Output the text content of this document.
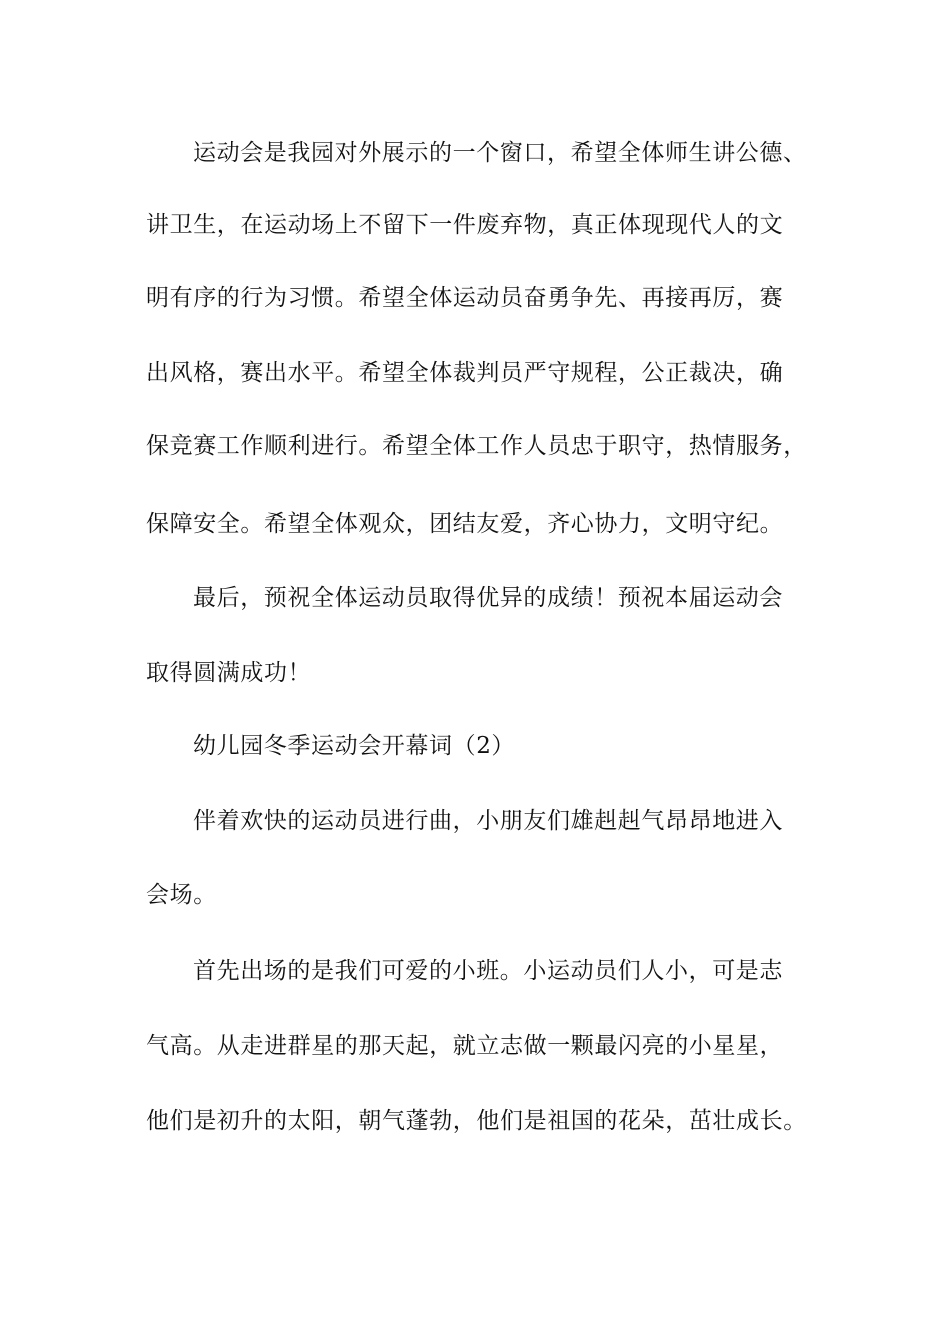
运动会是我园对外展示的一个窗口，希望全体师生讲公德、
讲卫生，在运动场上不留下一件废弃物，真正体现现代人的文
明有序的行为习惯。希望全体运动员奋勇争先、再接再厉，赛
出风格，赛出水平。希望全体裁判员严守规程，公正裁决，确
保竞赛工作顺利进行。希望全体工作人员忠于职守，热情服务，
保障安全。希望全体观众，团结友爱，齐心协力，文明守纪。
最后，预祝全体运动员取得优异的成绩！预祝本届运动会
取得圆满成功！
幼儿园冬季运动会开幕词（2）
伴着欢快的运动员进行曲，小朋友们雄赳赳气昂昂地进入
会场。
首先出场的是我们可爱的小班。小运动员们人小，可是志
气高。从走进群星的那天起，就立志做一颗最闪亮的小星星，
他们是初升的太阳，朝气蓬勃，他们是祖国的花朵，茁壮成长。
